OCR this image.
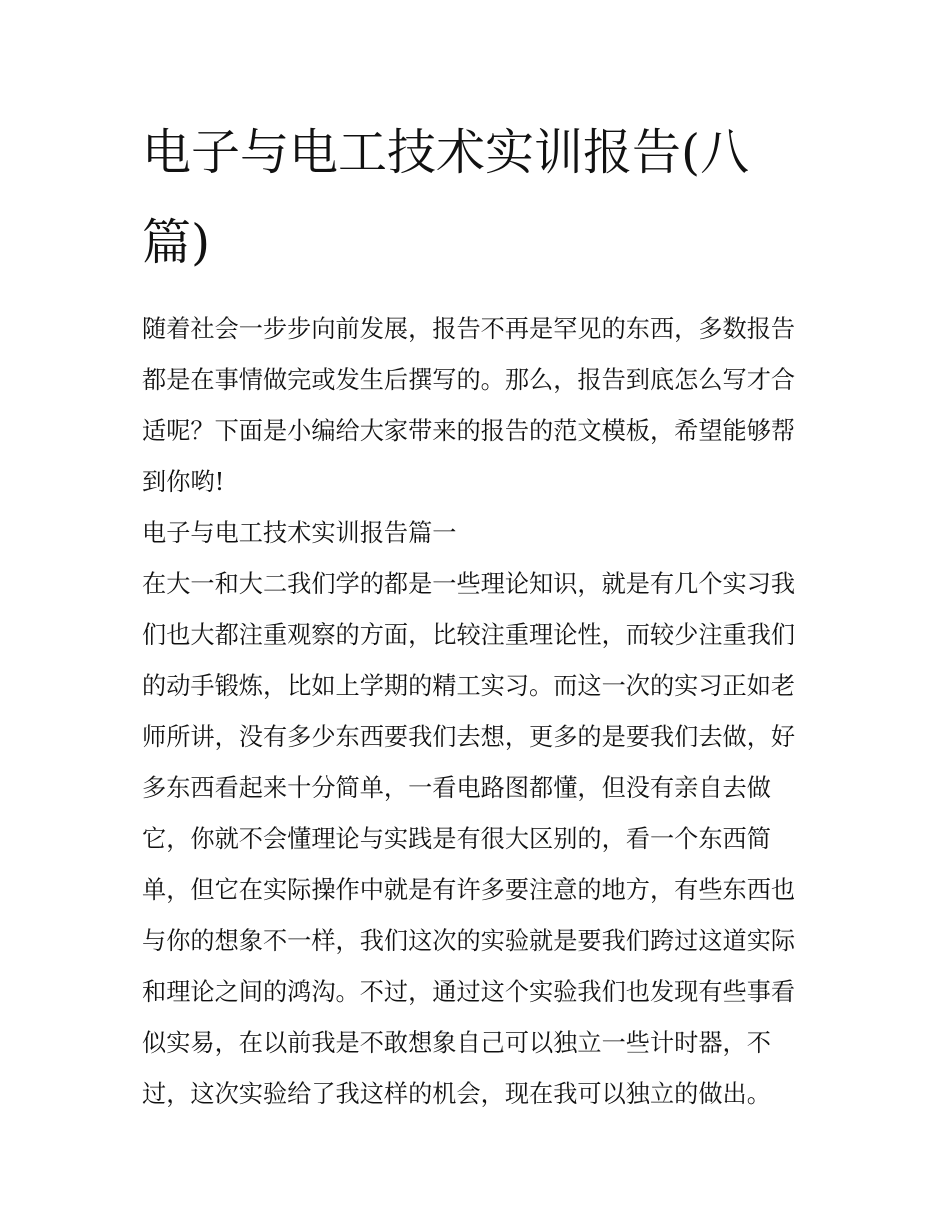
电子与电工技术实训报告(八
篇)

随着社会一步步向前发展，报告不再是罕见的东西，多数报告
都是在事情做完或发生后撰写的。那么，报告到底怎么写才合
适呢？下面是小编给大家带来的报告的范文模板，希望能够帮
到你哟!

电子与电工技术实训报告篇一

在大一和大二我们学的都是一些理论知识，就是有几个实习我
们也大都注重观察的方面，比较注重理论性，而较少注重我们
的动手锻炼，比如上学期的精工实习。而这一次的实习正如老
师所讲，没有多少东西要我们去想，更多的是要我们去做，好
多东西看起来十分简单，一看电路图都懂，但没有亲自去做
它，你就不会懂理论与实践是有很大区别的，看一个东西简
单，但它在实际操作中就是有许多要注意的地方，有些东西也
与你的想象不一样，我们这次的实验就是要我们跨过这道实际
和理论之间的鸿沟。不过，通过这个实验我们也发现有些事看
似实易，在以前我是不敢想象自己可以独立一些计时器，不
过，这次实验给了我这样的机会，现在我可以独立的做出。
